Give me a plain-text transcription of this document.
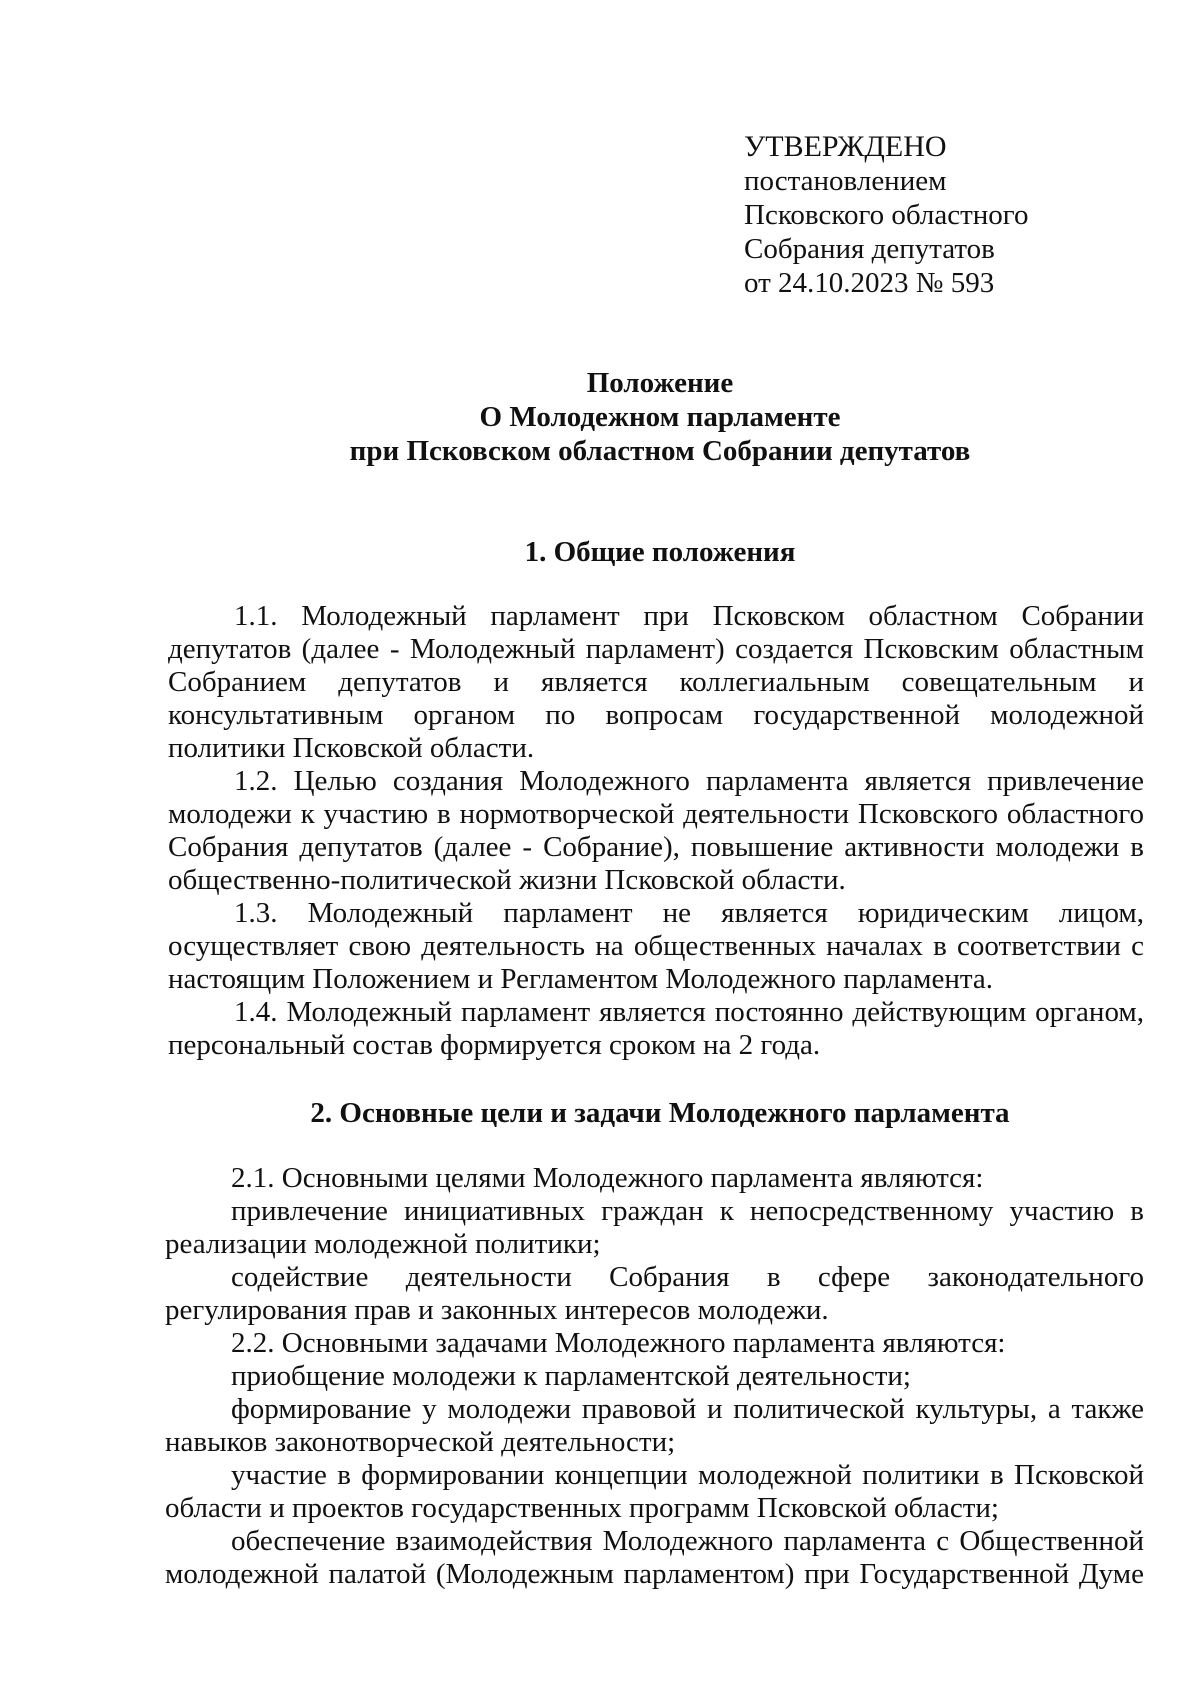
УТВЕРЖДЕНО
постановлением
Псковского областного
Собрания депутатов
от 24.10.2023 № 593
Положение
О Молодежном парламенте
при Псковском областном Собрании депутатов
1. Общие положения

1.1. Молодежный парламент при Псковском областном Собрании депутатов (далее - Молодежный парламент) создается Псковским областным Собранием депутатов и является коллегиальным совещательным и консультативным органом по вопросам государственной молодежной политики Псковской области.

1.2. Целью создания Молодежного парламента является привлечение молодежи к участию в нормотворческой деятельности Псковского областного Собрания депутатов (далее - Собрание), повышение активности молодежи в общественно-политической жизни Псковской области.

1.3. Молодежный парламент не является юридическим лицом, осуществляет свою деятельность на общественных началах в соответствии с настоящим Положением и Регламентом Молодежного парламента.

1.4. Молодежный парламент является постоянно действующим органом, персональный состав формируется сроком на 2 года.

2. Основные цели и задачи Молодежного парламента

2.1. Основными целями Молодежного парламента являются:

привлечение инициативных граждан к непосредственному участию в реализации молодежной политики;

содействие деятельности Собрания в сфере законодательного регулирования прав и законных интересов молодежи.

2.2. Основными задачами Молодежного парламента являются:

приобщение молодежи к парламентской деятельности;

формирование у молодежи правовой и политической культуры, а также навыков законотворческой деятельности;

участие в формировании концепции молодежной политики в Псковской области и проектов государственных программ Псковской области;

обеспечение взаимодействия Молодежного парламента с Общественной молодежной палатой (Молодежным парламентом) при Государственной Думе
